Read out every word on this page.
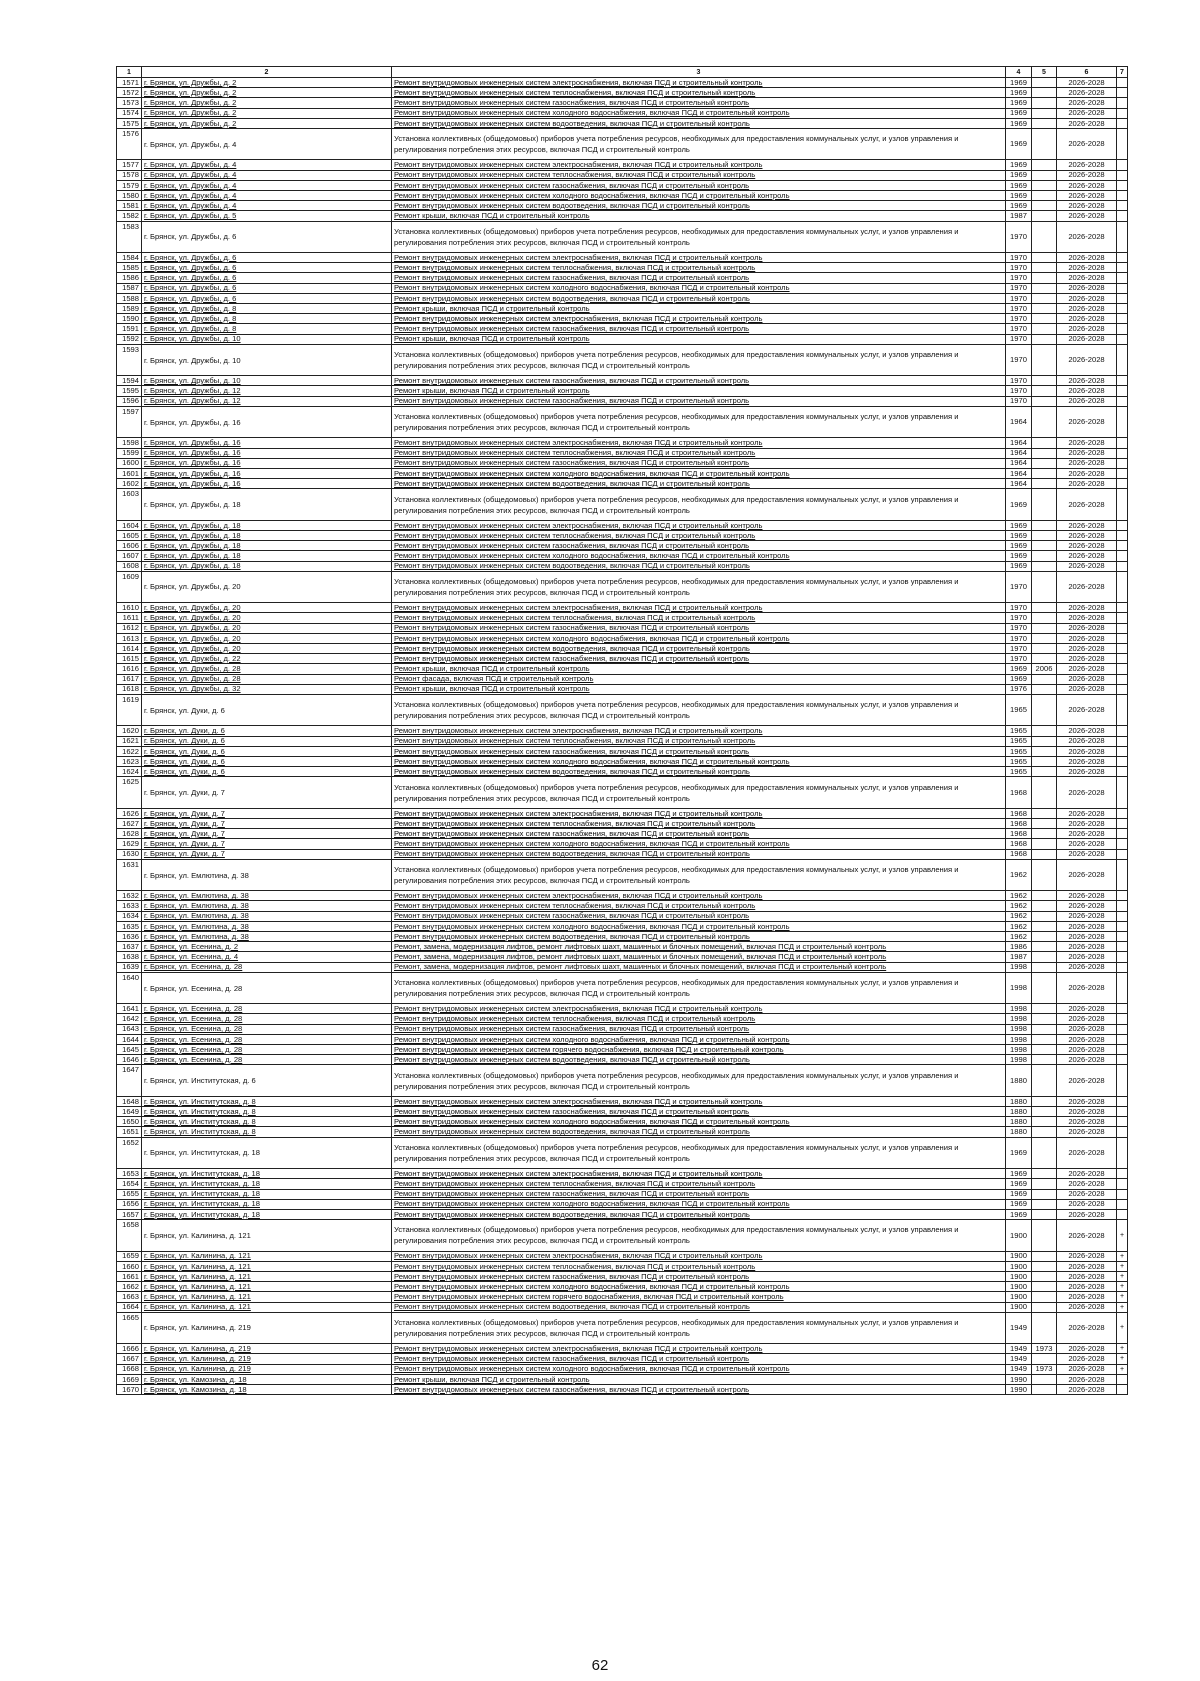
1	2	3	4	5	6	7
1571	г. Брянск, ул. Дружбы, д. 2	Ремонт внутридомовых инженерных систем электроснабжения, включая ПСД и строительный контроль	1969		2026-2028	
1572	г. Брянск, ул. Дружбы, д. 2	Ремонт внутридомовых инженерных систем теплоснабжения, включая ПСД и строительный контроль	1969		2026-2028	
1573	г. Брянск, ул. Дружбы, д. 2	Ремонт внутридомовых инженерных систем газоснабжения, включая ПСД и строительный контроль	1969		2026-2028	
1574	г. Брянск, ул. Дружбы, д. 2	Ремонт внутридомовых инженерных систем холодного водоснабжения, включая ПСД и строительный контроль	1969		2026-2028	
1575	г. Брянск, ул. Дружбы, д. 2	Ремонт внутридомовых инженерных систем водоотведения, включая ПСД и строительный контроль	1969		2026-2028	
1576	г. Брянск, ул. Дружбы, д. 4	Установка коллективных (общедомовых) приборов учета потребления ресурсов, необходимых для предоставления коммунальных услуг, и узлов управления и регулирования потребления этих ресурсов, включая ПСД и строительный контроль	1969		2026-2028	
1577	г. Брянск, ул. Дружбы, д. 4	Ремонт внутридомовых инженерных систем электроснабжения, включая ПСД и строительный контроль	1969		2026-2028	
1578	г. Брянск, ул. Дружбы, д. 4	Ремонт внутридомовых инженерных систем теплоснабжения, включая ПСД и строительный контроль	1969		2026-2028	
1579	г. Брянск, ул. Дружбы, д. 4	Ремонт внутридомовых инженерных систем газоснабжения, включая ПСД и строительный контроль	1969		2026-2028	
1580	г. Брянск, ул. Дружбы, д. 4	Ремонт внутридомовых инженерных систем холодного водоснабжения, включая ПСД и строительный контроль	1969		2026-2028	
1581	г. Брянск, ул. Дружбы, д. 4	Ремонт внутридомовых инженерных систем водоотведения, включая ПСД и строительный контроль	1969		2026-2028	
1582	г. Брянск, ул. Дружбы, д. 5	Ремонт крыши, включая ПСД и строительный контроль	1987		2026-2028	
1583	г. Брянск, ул. Дружбы, д. 6	Установка коллективных (общедомовых) приборов учета потребления ресурсов, необходимых для предоставления коммунальных услуг, и узлов управления и регулирования потребления этих ресурсов, включая ПСД и строительный контроль	1970		2026-2028	
1584	г. Брянск, ул. Дружбы, д. 6	Ремонт внутридомовых инженерных систем электроснабжения, включая ПСД и строительный контроль	1970		2026-2028	
1585	г. Брянск, ул. Дружбы, д. 6	Ремонт внутридомовых инженерных систем теплоснабжения, включая ПСД и строительный контроль	1970		2026-2028	
1586	г. Брянск, ул. Дружбы, д. 6	Ремонт внутридомовых инженерных систем газоснабжения, включая ПСД и строительный контроль	1970		2026-2028	
1587	г. Брянск, ул. Дружбы, д. 6	Ремонт внутридомовых инженерных систем холодного водоснабжения, включая ПСД и строительный контроль	1970		2026-2028	
1588	г. Брянск, ул. Дружбы, д. 6	Ремонт внутридомовых инженерных систем водоотведения, включая ПСД и строительный контроль	1970		2026-2028	
1589	г. Брянск, ул. Дружбы, д. 8	Ремонт крыши, включая ПСД и строительный контроль	1970		2026-2028	
1590	г. Брянск, ул. Дружбы, д. 8	Ремонт внутридомовых инженерных систем электроснабжения, включая ПСД и строительный контроль	1970		2026-2028	
1591	г. Брянск, ул. Дружбы, д. 8	Ремонт внутридомовых инженерных систем газоснабжения, включая ПСД и строительный контроль	1970		2026-2028	
1592	г. Брянск, ул. Дружбы, д. 10	Ремонт крыши, включая ПСД и строительный контроль	1970		2026-2028	
1593	г. Брянск, ул. Дружбы, д. 10	Установка коллективных (общедомовых) приборов учета потребления ресурсов, необходимых для предоставления коммунальных услуг, и узлов управления и регулирования потребления этих ресурсов, включая ПСД и строительный контроль	1970		2026-2028	
1594	г. Брянск, ул. Дружбы, д. 10	Ремонт внутридомовых инженерных систем газоснабжения, включая ПСД и строительный контроль	1970		2026-2028	
1595	г. Брянск, ул. Дружбы, д. 12	Ремонт крыши, включая ПСД и строительный контроль	1970		2026-2028	
1596	г. Брянск, ул. Дружбы, д. 12	Ремонт внутридомовых инженерных систем газоснабжения, включая ПСД и строительный контроль	1970		2026-2028	
1597	г. Брянск, ул. Дружбы, д. 16	Установка коллективных (общедомовых) приборов учета потребления ресурсов, необходимых для предоставления коммунальных услуг, и узлов управления и регулирования потребления этих ресурсов, включая ПСД и строительный контроль	1964		2026-2028	
1598	г. Брянск, ул. Дружбы, д. 16	Ремонт внутридомовых инженерных систем электроснабжения, включая ПСД и строительный контроль	1964		2026-2028	
1599	г. Брянск, ул. Дружбы, д. 16	Ремонт внутридомовых инженерных систем теплоснабжения, включая ПСД и строительный контроль	1964		2026-2028	
1600	г. Брянск, ул. Дружбы, д. 16	Ремонт внутридомовых инженерных систем газоснабжения, включая ПСД и строительный контроль	1964		2026-2028	
1601	г. Брянск, ул. Дружбы, д. 16	Ремонт внутридомовых инженерных систем холодного водоснабжения, включая ПСД и строительный контроль	1964		2026-2028	
1602	г. Брянск, ул. Дружбы, д. 16	Ремонт внутридомовых инженерных систем водоотведения, включая ПСД и строительный контроль	1964		2026-2028	
1603	г. Брянск, ул. Дружбы, д. 18	Установка коллективных (общедомовых) приборов учета потребления ресурсов, необходимых для предоставления коммунальных услуг, и узлов управления и регулирования потребления этих ресурсов, включая ПСД и строительный контроль	1969		2026-2028	
1604	г. Брянск, ул. Дружбы, д. 18	Ремонт внутридомовых инженерных систем электроснабжения, включая ПСД и строительный контроль	1969		2026-2028	
1605	г. Брянск, ул. Дружбы, д. 18	Ремонт внутридомовых инженерных систем теплоснабжения, включая ПСД и строительный контроль	1969		2026-2028	
1606	г. Брянск, ул. Дружбы, д. 18	Ремонт внутридомовых инженерных систем газоснабжения, включая ПСД и строительный контроль	1969		2026-2028	
1607	г. Брянск, ул. Дружбы, д. 18	Ремонт внутридомовых инженерных систем холодного водоснабжения, включая ПСД и строительный контроль	1969		2026-2028	
1608	г. Брянск, ул. Дружбы, д. 18	Ремонт внутридомовых инженерных систем водоотведения, включая ПСД и строительный контроль	1969		2026-2028	
1609	г. Брянск, ул. Дружбы, д. 20	Установка коллективных (общедомовых) приборов учета потребления ресурсов, необходимых для предоставления коммунальных услуг, и узлов управления и регулирования потребления этих ресурсов, включая ПСД и строительный контроль	1970		2026-2028	
1610	г. Брянск, ул. Дружбы, д. 20	Ремонт внутридомовых инженерных систем электроснабжения, включая ПСД и строительный контроль	1970		2026-2028	
1611	г. Брянск, ул. Дружбы, д. 20	Ремонт внутридомовых инженерных систем теплоснабжения, включая ПСД и строительный контроль	1970		2026-2028	
1612	г. Брянск, ул. Дружбы, д. 20	Ремонт внутридомовых инженерных систем газоснабжения, включая ПСД и строительный контроль	1970		2026-2028	
1613	г. Брянск, ул. Дружбы, д. 20	Ремонт внутридомовых инженерных систем холодного водоснабжения, включая ПСД и строительный контроль	1970		2026-2028	
1614	г. Брянск, ул. Дружбы, д. 20	Ремонт внутридомовых инженерных систем водоотведения, включая ПСД и строительный контроль	1970		2026-2028	
1615	г. Брянск, ул. Дружбы, д. 22	Ремонт внутридомовых инженерных систем газоснабжения, включая ПСД и строительный контроль	1970		2026-2028	
1616	г. Брянск, ул. Дружбы, д. 28	Ремонт крыши, включая ПСД и строительный контроль	1969	2006	2026-2028	
1617	г. Брянск, ул. Дружбы, д. 28	Ремонт фасада, включая ПСД и строительный контроль	1969		2026-2028	
1618	г. Брянск, ул. Дружбы, д. 32	Ремонт крыши, включая ПСД и строительный контроль	1976		2026-2028	
1619	г. Брянск, ул. Дуки, д. 6	Установка коллективных (общедомовых) приборов учета потребления ресурсов, необходимых для предоставления коммунальных услуг, и узлов управления и регулирования потребления этих ресурсов, включая ПСД и строительный контроль	1965		2026-2028	
1620	г. Брянск, ул. Дуки, д. 6	Ремонт внутридомовых инженерных систем электроснабжения, включая ПСД и строительный контроль	1965		2026-2028	
1621	г. Брянск, ул. Дуки, д. 6	Ремонт внутридомовых инженерных систем теплоснабжения, включая ПСД и строительный контроль	1965		2026-2028	
1622	г. Брянск, ул. Дуки, д. 6	Ремонт внутридомовых инженерных систем газоснабжения, включая ПСД и строительный контроль	1965		2026-2028	
1623	г. Брянск, ул. Дуки, д. 6	Ремонт внутридомовых инженерных систем холодного водоснабжения, включая ПСД и строительный контроль	1965		2026-2028	
1624	г. Брянск, ул. Дуки, д. 6	Ремонт внутридомовых инженерных систем водоотведения, включая ПСД и строительный контроль	1965		2026-2028	
1625	г. Брянск, ул. Дуки, д. 7	Установка коллективных (общедомовых) приборов учета потребления ресурсов, необходимых для предоставления коммунальных услуг, и узлов управления и регулирования потребления этих ресурсов, включая ПСД и строительный контроль	1968		2026-2028	
1626	г. Брянск, ул. Дуки, д. 7	Ремонт внутридомовых инженерных систем электроснабжения, включая ПСД и строительный контроль	1968		2026-2028	
1627	г. Брянск, ул. Дуки, д. 7	Ремонт внутридомовых инженерных систем теплоснабжения, включая ПСД и строительный контроль	1968		2026-2028	
1628	г. Брянск, ул. Дуки, д. 7	Ремонт внутридомовых инженерных систем газоснабжения, включая ПСД и строительный контроль	1968		2026-2028	
1629	г. Брянск, ул. Дуки, д. 7	Ремонт внутридомовых инженерных систем холодного водоснабжения, включая ПСД и строительный контроль	1968		2026-2028	
1630	г. Брянск, ул. Дуки, д. 7	Ремонт внутридомовых инженерных систем водоотведения, включая ПСД и строительный контроль	1968		2026-2028	
1631	г. Брянск, ул. Емлютина, д. 38	Установка коллективных (общедомовых) приборов учета потребления ресурсов, необходимых для предоставления коммунальных услуг, и узлов управления и регулирования потребления этих ресурсов, включая ПСД и строительный контроль	1962		2026-2028	
1632	г. Брянск, ул. Емлютина, д. 38	Ремонт внутридомовых инженерных систем электроснабжения, включая ПСД и строительный контроль	1962		2026-2028	
1633	г. Брянск, ул. Емлютина, д. 38	Ремонт внутридомовых инженерных систем теплоснабжения, включая ПСД и строительный контроль	1962		2026-2028	
1634	г. Брянск, ул. Емлютина, д. 38	Ремонт внутридомовых инженерных систем газоснабжения, включая ПСД и строительный контроль	1962		2026-2028	
1635	г. Брянск, ул. Емлютина, д. 38	Ремонт внутридомовых инженерных систем холодного водоснабжения, включая ПСД и строительный контроль	1962		2026-2028	
1636	г. Брянск, ул. Емлютина, д. 38	Ремонт внутридомовых инженерных систем водоотведения, включая ПСД и строительный контроль	1962		2026-2028	
1637	г. Брянск, ул. Есенина, д. 2	Ремонт, замена, модернизация лифтов, ремонт лифтовых шахт, машинных и блочных помещений, включая ПСД и строительный контроль	1986		2026-2028	
1638	г. Брянск, ул. Есенина, д. 4	Ремонт, замена, модернизация лифтов, ремонт лифтовых шахт, машинных и блочных помещений, включая ПСД и строительный контроль	1987		2026-2028	
1639	г. Брянск, ул. Есенина, д. 28	Ремонт, замена, модернизация лифтов, ремонт лифтовых шахт, машинных и блочных помещений, включая ПСД и строительный контроль	1998		2026-2028	
1640	г. Брянск, ул. Есенина, д. 28	Установка коллективных (общедомовых) приборов учета потребления ресурсов, необходимых для предоставления коммунальных услуг, и узлов управления и регулирования потребления этих ресурсов, включая ПСД и строительный контроль	1998		2026-2028	
1641	г. Брянск, ул. Есенина, д. 28	Ремонт внутридомовых инженерных систем электроснабжения, включая ПСД и строительный контроль	1998		2026-2028	
1642	г. Брянск, ул. Есенина, д. 28	Ремонт внутридомовых инженерных систем теплоснабжения, включая ПСД и строительный контроль	1998		2026-2028	
1643	г. Брянск, ул. Есенина, д. 28	Ремонт внутридомовых инженерных систем газоснабжения, включая ПСД и строительный контроль	1998		2026-2028	
1644	г. Брянск, ул. Есенина, д. 28	Ремонт внутридомовых инженерных систем холодного водоснабжения, включая ПСД и строительный контроль	1998		2026-2028	
1645	г. Брянск, ул. Есенина, д. 28	Ремонт внутридомовых инженерных систем горячего водоснабжения, включая ПСД и строительный контроль	1998		2026-2028	
1646	г. Брянск, ул. Есенина, д. 28	Ремонт внутридомовых инженерных систем водоотведения, включая ПСД и строительный контроль	1998		2026-2028	
1647	г. Брянск, ул. Институтская, д. 6	Установка коллективных (общедомовых) приборов учета потребления ресурсов, необходимых для предоставления коммунальных услуг, и узлов управления и регулирования потребления этих ресурсов, включая ПСД и строительный контроль	1880		2026-2028	
1648	г. Брянск, ул. Институтская, д. 8	Ремонт внутридомовых инженерных систем электроснабжения, включая ПСД и строительный контроль	1880		2026-2028	
1649	г. Брянск, ул. Институтская, д. 8	Ремонт внутридомовых инженерных систем газоснабжения, включая ПСД и строительный контроль	1880		2026-2028	
1650	г. Брянск, ул. Институтская, д. 8	Ремонт внутридомовых инженерных систем холодного водоснабжения, включая ПСД и строительный контроль	1880		2026-2028	
1651	г. Брянск, ул. Институтская, д. 8	Ремонт внутридомовых инженерных систем водоотведения, включая ПСД и строительный контроль	1880		2026-2028	
1652	г. Брянск, ул. Институтская, д. 18	Установка коллективных (общедомовых) приборов учета потребления ресурсов, необходимых для предоставления коммунальных услуг, и узлов управления и регулирования потребления этих ресурсов, включая ПСД и строительный контроль	1969		2026-2028	
1653	г. Брянск, ул. Институтская, д. 18	Ремонт внутридомовых инженерных систем электроснабжения, включая ПСД и строительный контроль	1969		2026-2028	
1654	г. Брянск, ул. Институтская, д. 18	Ремонт внутридомовых инженерных систем теплоснабжения, включая ПСД и строительный контроль	1969		2026-2028	
1655	г. Брянск, ул. Институтская, д. 18	Ремонт внутридомовых инженерных систем газоснабжения, включая ПСД и строительный контроль	1969		2026-2028	
1656	г. Брянск, ул. Институтская, д. 18	Ремонт внутридомовых инженерных систем холодного водоснабжения, включая ПСД и строительный контроль	1969		2026-2028	
1657	г. Брянск, ул. Институтская, д. 18	Ремонт внутридомовых инженерных систем водоотведения, включая ПСД и строительный контроль	1969		2026-2028	
1658	г. Брянск, ул. Калинина, д. 121	Установка коллективных (общедомовых) приборов учета потребления ресурсов, необходимых для предоставления коммунальных услуг, и узлов управления и регулирования потребления этих ресурсов, включая ПСД и строительный контроль	1900		2026-2028	+
1659	г. Брянск, ул. Калинина, д. 121	Ремонт внутридомовых инженерных систем электроснабжения, включая ПСД и строительный контроль	1900		2026-2028	+
1660	г. Брянск, ул. Калинина, д. 121	Ремонт внутридомовых инженерных систем теплоснабжения, включая ПСД и строительный контроль	1900		2026-2028	+
1661	г. Брянск, ул. Калинина, д. 121	Ремонт внутридомовых инженерных систем газоснабжения, включая ПСД и строительный контроль	1900		2026-2028	+
1662	г. Брянск, ул. Калинина, д. 121	Ремонт внутридомовых инженерных систем холодного водоснабжения, включая ПСД и строительный контроль	1900		2026-2028	+
1663	г. Брянск, ул. Калинина, д. 121	Ремонт внутридомовых инженерных систем горячего водоснабжения, включая ПСД и строительный контроль	1900		2026-2028	+
1664	г. Брянск, ул. Калинина, д. 121	Ремонт внутридомовых инженерных систем водоотведения, включая ПСД и строительный контроль	1900		2026-2028	+
1665	г. Брянск, ул. Калинина, д. 219	Установка коллективных (общедомовых) приборов учета потребления ресурсов, необходимых для предоставления коммунальных услуг, и узлов управления и регулирования потребления этих ресурсов, включая ПСД и строительный контроль	1949		2026-2028	+
1666	г. Брянск, ул. Калинина, д. 219	Ремонт внутридомовых инженерных систем электроснабжения, включая ПСД и строительный контроль	1949	1973	2026-2028	+
1667	г. Брянск, ул. Калинина, д. 219	Ремонт внутридомовых инженерных систем газоснабжения, включая ПСД и строительный контроль	1949		2026-2028	+
1668	г. Брянск, ул. Калинина, д. 219	Ремонт внутридомовых инженерных систем холодного водоснабжения, включая ПСД и строительный контроль	1949	1973	2026-2028	+
1669	г. Брянск, ул. Камозина, д. 18	Ремонт крыши, включая ПСД и строительный контроль	1990		2026-2028	
1670	г. Брянск, ул. Камозина, д. 18	Ремонт внутридомовых инженерных систем газоснабжения, включая ПСД и строительный контроль	1990		2026-2028	
62
